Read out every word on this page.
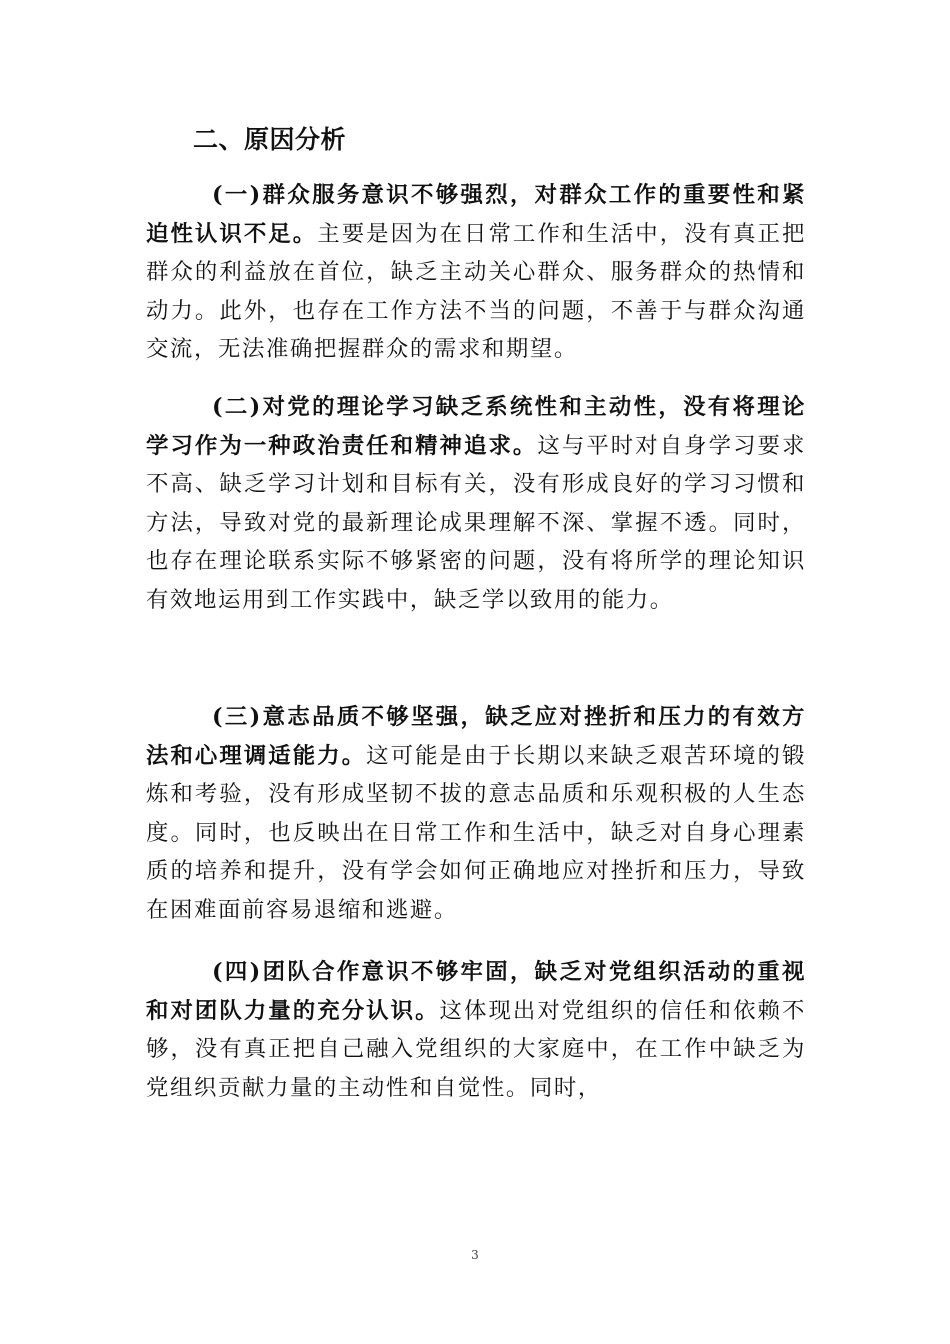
二、原因分析

(一)群众服务意识不够强烈，对群众工作的重要性和紧迫性认识不足。主要是因为在日常工作和生活中，没有真正把群众的利益放在首位，缺乏主动关心群众、服务群众的热情和动力。此外，也存在工作方法不当的问题，不善于与群众沟通交流，无法准确把握群众的需求和期望。

(二)对党的理论学习缺乏系统性和主动性，没有将理论学习作为一种政治责任和精神追求。这与平时对自身学习要求不高、缺乏学习计划和目标有关，没有形成良好的学习习惯和方法，导致对党的最新理论成果理解不深、掌握不透。同时，也存在理论联系实际不够紧密的问题，没有将所学的理论知识有效地运用到工作实践中，缺乏学以致用的能力。

(三)意志品质不够坚强，缺乏应对挫折和压力的有效方法和心理调适能力。这可能是由于长期以来缺乏艰苦环境的锻炼和考验，没有形成坚韧不拔的意志品质和乐观积极的人生态度。同时，也反映出在日常工作和生活中，缺乏对自身心理素质的培养和提升，没有学会如何正确地应对挫折和压力，导致在困难面前容易退缩和逃避。

(四)团队合作意识不够牢固，缺乏对党组织活动的重视和对团队力量的充分认识。这体现出对党组织的信任和依赖不够，没有真正把自己融入党组织的大家庭中，在工作中缺乏为党组织贡献力量的主动性和自觉性。同时，

3
